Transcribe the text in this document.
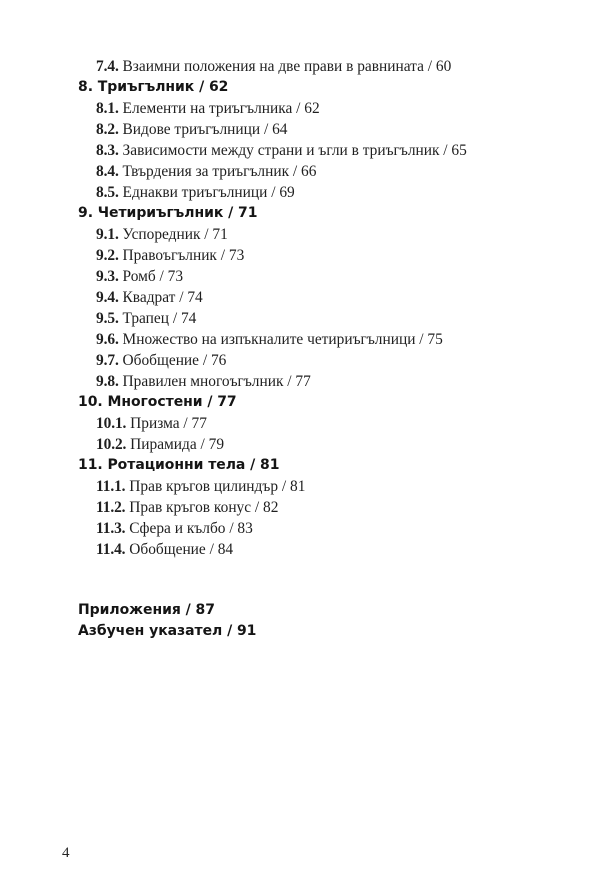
7.4. Взаимни положения на две прави в равнината / 60
8. Триъгълник / 62
8.1. Елементи на триъгълника / 62
8.2. Видове триъгълници / 64
8.3. Зависимости между страни и ъгли в триъгълник / 65
8.4. Твърдения за триъгълник / 66
8.5. Еднакви триъгълници / 69
9. Четириъгълник / 71
9.1. Успоредник / 71
9.2. Правоъгълник / 73
9.3. Ромб / 73
9.4. Квадрат / 74
9.5. Трапец / 74
9.6. Множество на изпъкналите четириъгълници / 75
9.7. Обобщение / 76
9.8. Правилен многоъгълник / 77
10. Многостени / 77
10.1. Призма / 77
10.2. Пирамида / 79
11. Ротационни тела / 81
11.1. Прав кръгов цилиндър / 81
11.2. Прав кръгов конус / 82
11.3. Сфера и кълбо / 83
11.4. Обобщение / 84
Приложения / 87
Азбучен указател / 91
4
